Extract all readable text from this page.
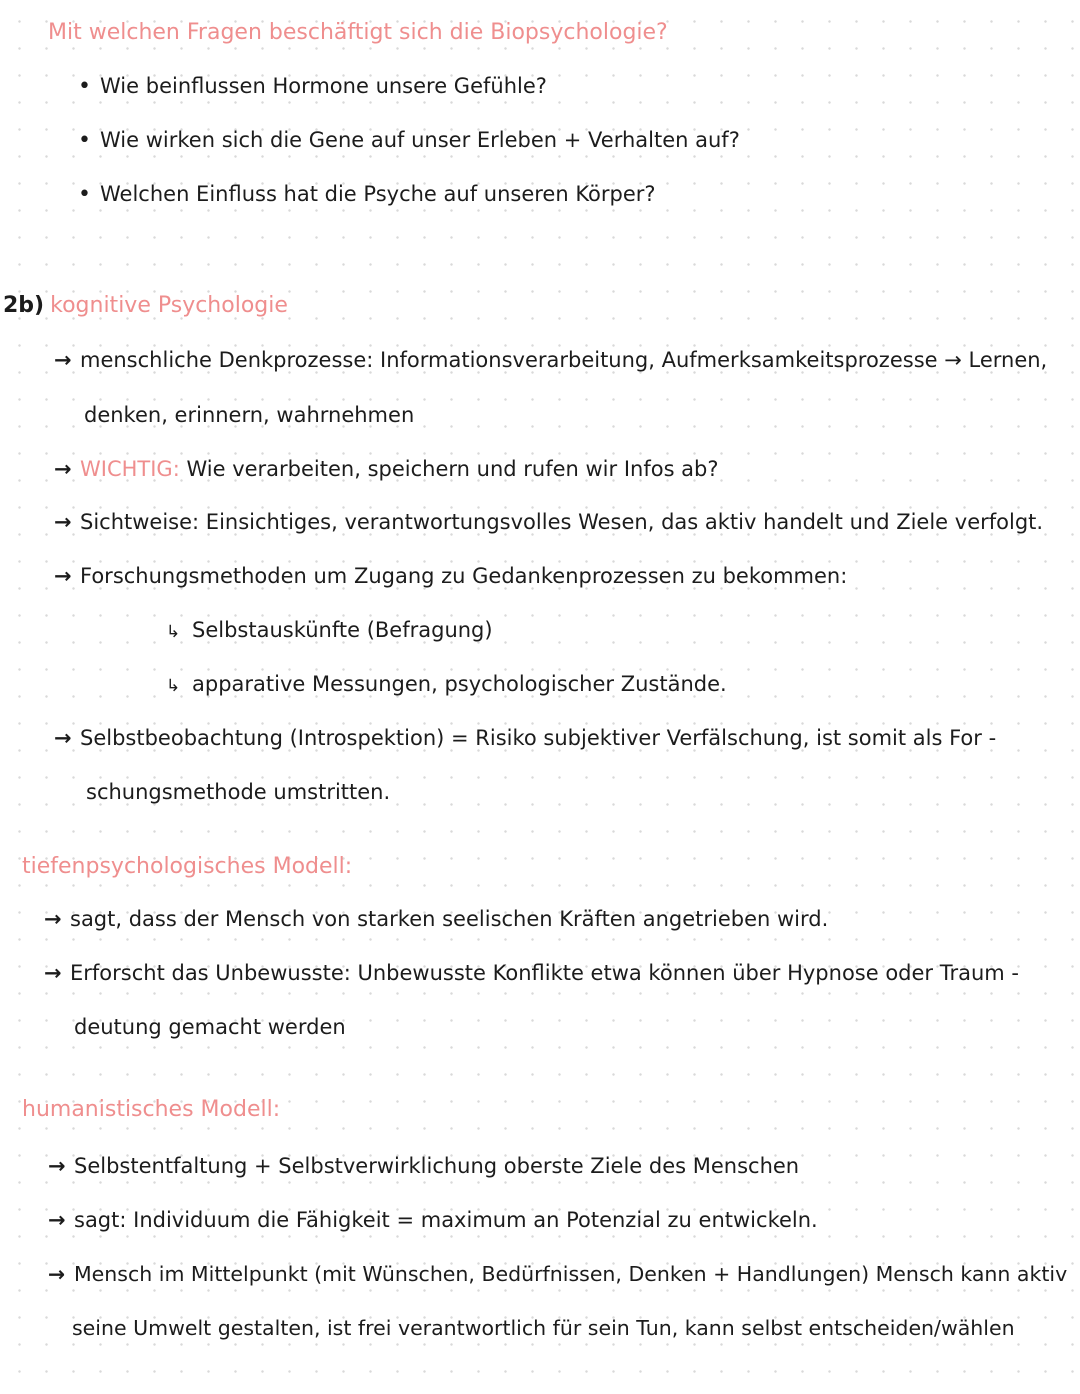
Mit welchen Fragen beschäftigt sich die Biopsychologie?
• Wie beinflussen Hormone unsere Gefühle?
• Wie wirken sich die Gene auf unser Erleben + Verhalten auf?
• Welchen Einfluss hat die Psyche auf unseren Körper?
2b) kognitive Psychologie
→ menschliche Denkprozesse: Informationsverarbeitung, Aufmerksamkeitsprozesse → Lernen,
denken, erinnern, wahrnehmen
→ WICHTIG: Wie verarbeiten, speichern und rufen wir Infos ab?
→ Sichtweise: Einsichtiges, verantwortungsvolles Wesen, das aktiv handelt und Ziele verfolgt.
→ Forschungsmethoden um Zugang zu Gedankenprozessen zu bekommen:
↳ Selbstauskünfte (Befragung)
↳ apparative Messungen, psychologischer Zustände.
→ Selbstbeobachtung (Introspektion) = Risiko subjektiver Verfälschung, ist somit als For -
schungsmethode umstritten.
tiefenpsychologisches Modell:
→ sagt, dass der Mensch von starken seelischen Kräften angetrieben wird.
→ Erforscht das Unbewusste: Unbewusste Konflikte etwa können über Hypnose oder Traum -
deutung gemacht werden
humanistisches Modell:
→ Selbstentfaltung + Selbstverwirklichung oberste Ziele des Menschen
→ sagt: Individuum die Fähigkeit = maximum an Potenzial zu entwickeln.
→ Mensch im Mittelpunkt (mit Wünschen, Bedürfnissen, Denken + Handlungen) Mensch kann aktiv
seine Umwelt gestalten, ist frei verantwortlich für sein Tun, kann selbst entscheiden/wählen
